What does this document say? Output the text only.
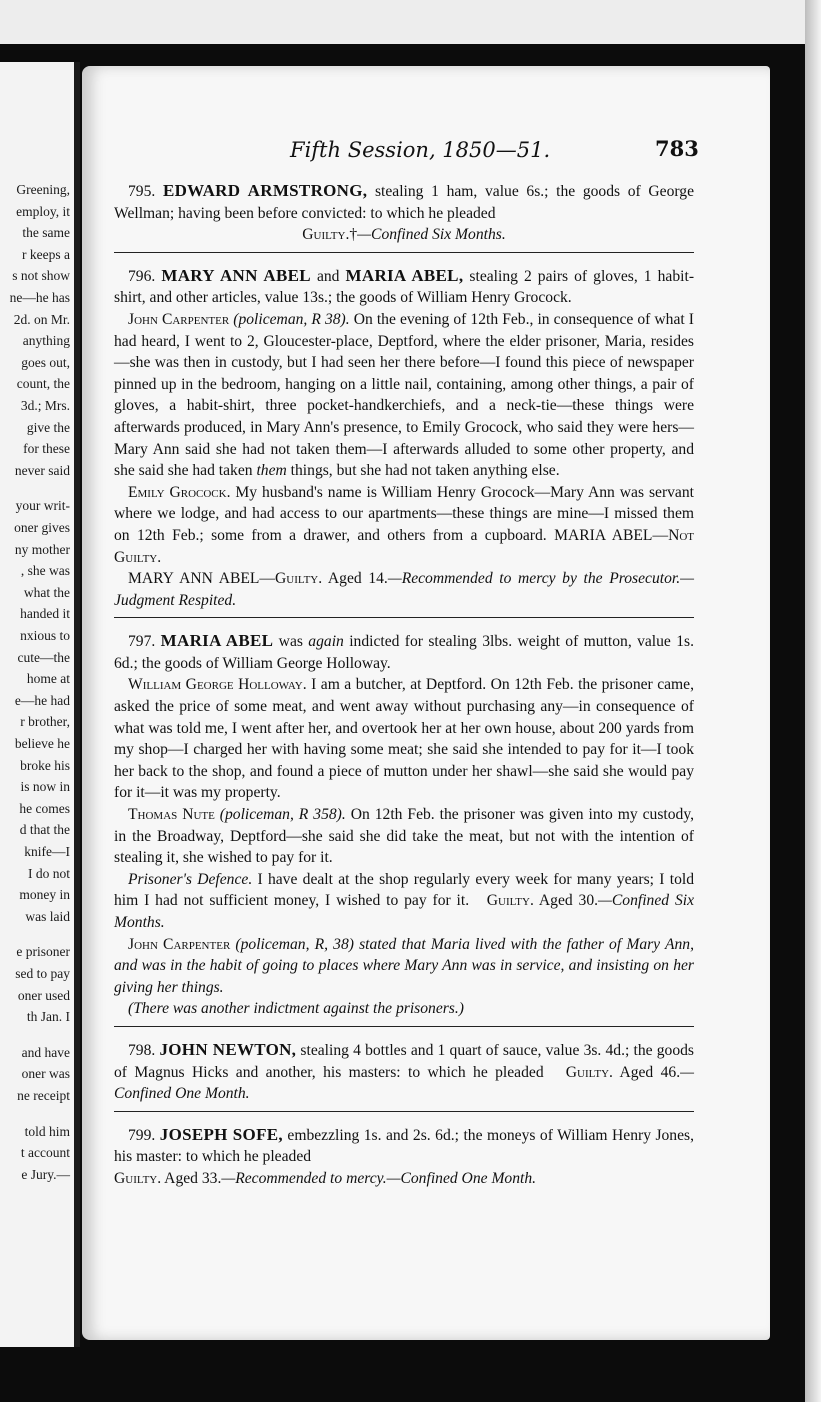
Greening,
employ, it
the same
r keeps a
s not show
ne—he has
2d. on Mr.
anything
goes out,
count, the
3d.; Mrs.
give the
for these
never said
your writ-
oner gives
ny mother
, she was
what the
handed it
nxious to
cute—the
home at
e—he had
r brother,
believe he
broke his
is now in
he comes
d that the
knife—I
I do not
money in
was laid
e prisoner
sed to pay
oner used
th Jan. I
and have
oner was
ne receipt
told him
t account
e Jury.—
Fifth Session, 1850—51.	783

795. EDWARD ARMSTRONG, stealing 1 ham, value 6s.; the goods of George Wellman; having been before convicted: to which he pleaded

Guilty.†—Confined Six Months.

796. MARY ANN ABEL and MARIA ABEL, stealing 2 pairs of gloves, 1 habit-shirt, and other articles, value 13s.; the goods of William Henry Grocock.

John Carpenter (policeman, R 38). On the evening of 12th Feb., in consequence of what I had heard, I went to 2, Gloucester-place, Deptford, where the elder prisoner, Maria, resides—she was then in custody, but I had seen her there before—I found this piece of newspaper pinned up in the bedroom, hanging on a little nail, containing, among other things, a pair of gloves, a habit-shirt, three pocket-handkerchiefs, and a neck-tie—these things were afterwards produced, in Mary Ann's presence, to Emily Grocock, who said they were hers—Mary Ann said she had not taken them—I afterwards alluded to some other property, and she said she had taken them things, but she had not taken anything else.

Emily Grocock. My husband's name is William Henry Grocock—Mary Ann was servant where we lodge, and had access to our apartments—these things are mine—I missed them on 12th Feb.; some from a drawer, and others from a cupboard. MARIA ABEL—Not Guilty.

MARY ANN ABEL—Guilty. Aged 14.—Recommended to mercy by the Prosecutor.—Judgment Respited.

797. MARIA ABEL was again indicted for stealing 3lbs. weight of mutton, value 1s. 6d.; the goods of William George Holloway.

William George Holloway. I am a butcher, at Deptford. On 12th Feb. the prisoner came, asked the price of some meat, and went away without purchasing any—in consequence of what was told me, I went after her, and overtook her at her own house, about 200 yards from my shop—I charged her with having some meat; she said she intended to pay for it—I took her back to the shop, and found a piece of mutton under her shawl—she said she would pay for it—it was my property.

Thomas Nute (policeman, R 358). On 12th Feb. the prisoner was given into my custody, in the Broadway, Deptford—she said she did take the meat, but not with the intention of stealing it, she wished to pay for it.

Prisoner's Defence. I have dealt at the shop regularly every week for many years; I told him I had not sufficient money, I wished to pay for it. Guilty. Aged 30.—Confined Six Months.

John Carpenter (policeman, R, 38) stated that Maria lived with the father of Mary Ann, and was in the habit of going to places where Mary Ann was in service, and insisting on her giving her things.

(There was another indictment against the prisoners.)

798. JOHN NEWTON, stealing 4 bottles and 1 quart of sauce, value 3s. 4d.; the goods of Magnus Hicks and another, his masters: to which he pleaded Guilty. Aged 46.—Confined One Month.

799. JOSEPH SOFE, embezzling 1s. and 2s. 6d.; the moneys of William Henry Jones, his master: to which he pleaded

Guilty. Aged 33.—Recommended to mercy.—Confined One Month.
